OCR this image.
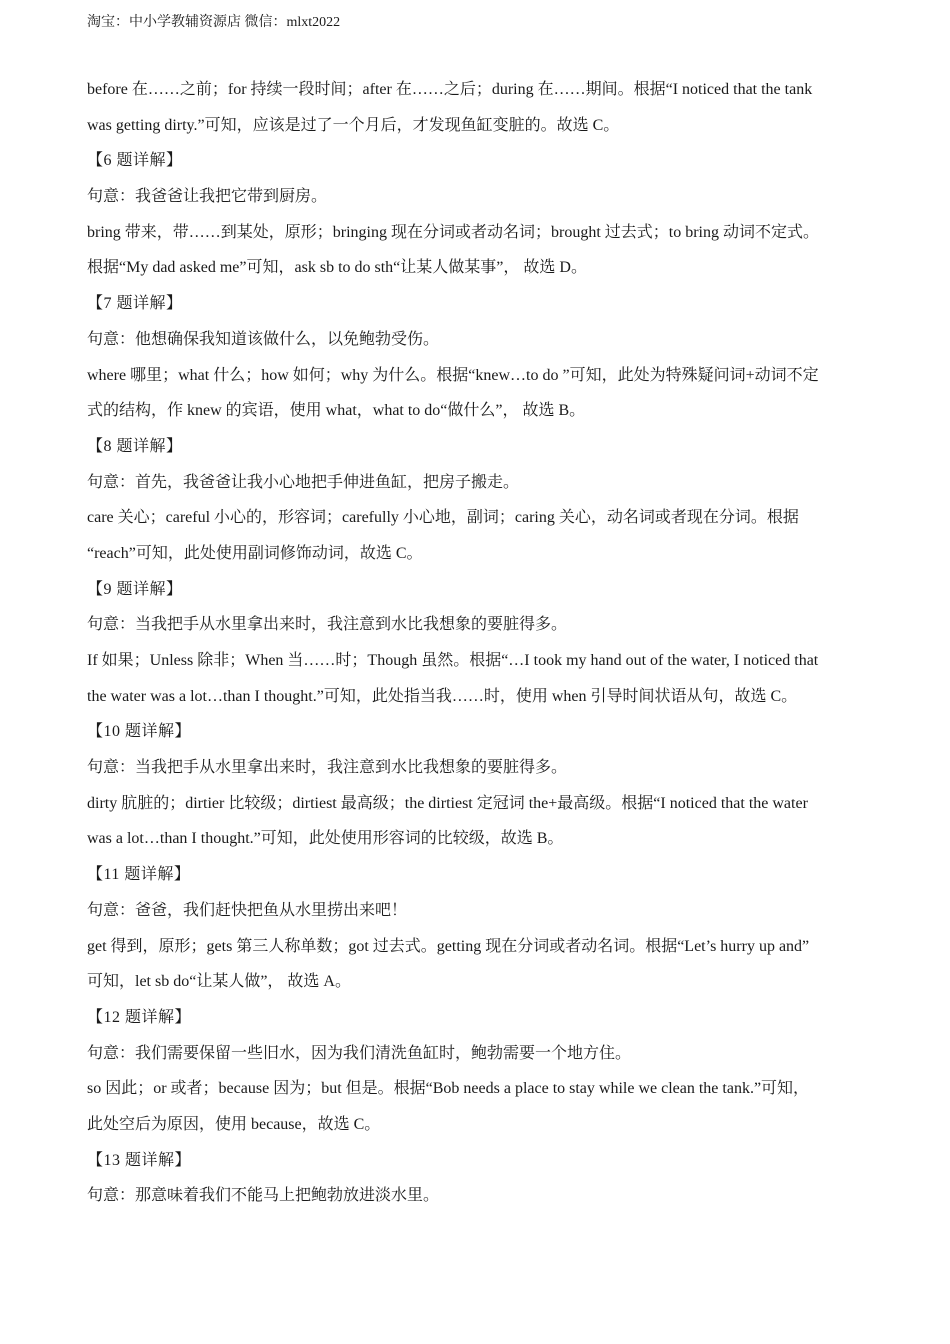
淘宝：中小学教辅资源店 微信：mlxt2022
before 在……之前；for 持续一段时间；after 在……之后；during 在……期间。根据“I noticed that the tank
was getting dirty.”可知，应该是过了一个月后，才发现鱼缸变脏的。故选 C。
【6 题详解】
句意：我爸爸让我把它带到厨房。
bring 带来，带……到某处，原形；bringing 现在分词或者动名词；brought 过去式；to bring 动词不定式。
根据“My dad asked me”可知，ask sb to do sth“让某人做某事”， 故选 D。
【7 题详解】
句意：他想确保我知道该做什么，以免鲍勃受伤。
where 哪里；what 什么；how 如何；why 为什么。根据“knew…to do ”可知，此处为特殊疑问词+动词不定
式的结构，作 knew 的宾语，使用 what，what to do“做什么”， 故选 B。
【8 题详解】
句意：首先，我爸爸让我小心地把手伸进鱼缸，把房子搬走。
care 关心；careful 小心的，形容词；carefully 小心地，副词；caring 关心，动名词或者现在分词。根据
“reach”可知，此处使用副词修饰动词，故选 C。
【9 题详解】
句意：当我把手从水里拿出来时，我注意到水比我想象的要脏得多。
If 如果；Unless 除非；When 当……时；Though 虽然。根据“…I took my hand out of the water, I noticed that
the water was a lot…than I thought.”可知，此处指当我……时，使用 when 引导时间状语从句，故选 C。
【10 题详解】
句意：当我把手从水里拿出来时，我注意到水比我想象的要脏得多。
dirty 肮脏的；dirtier 比较级；dirtiest 最高级；the dirtiest 定冠词 the+最高级。根据“I noticed that the water
was a lot…than I thought.”可知，此处使用形容词的比较级，故选 B。
【11 题详解】
句意：爸爸，我们赶快把鱼从水里捞出来吧！
get 得到，原形；gets 第三人称单数；got 过去式。getting 现在分词或者动名词。根据“Let’s hurry up and”
可知，let sb do“让某人做”， 故选 A。
【12 题详解】
句意：我们需要保留一些旧水，因为我们清洗鱼缸时，鲍勃需要一个地方住。
so 因此；or 或者；because 因为；but 但是。根据“Bob needs a place to stay while we clean the tank.”可知，
此处空后为原因，使用 because，故选 C。
【13 题详解】
句意：那意味着我们不能马上把鲍勃放进淡水里。
